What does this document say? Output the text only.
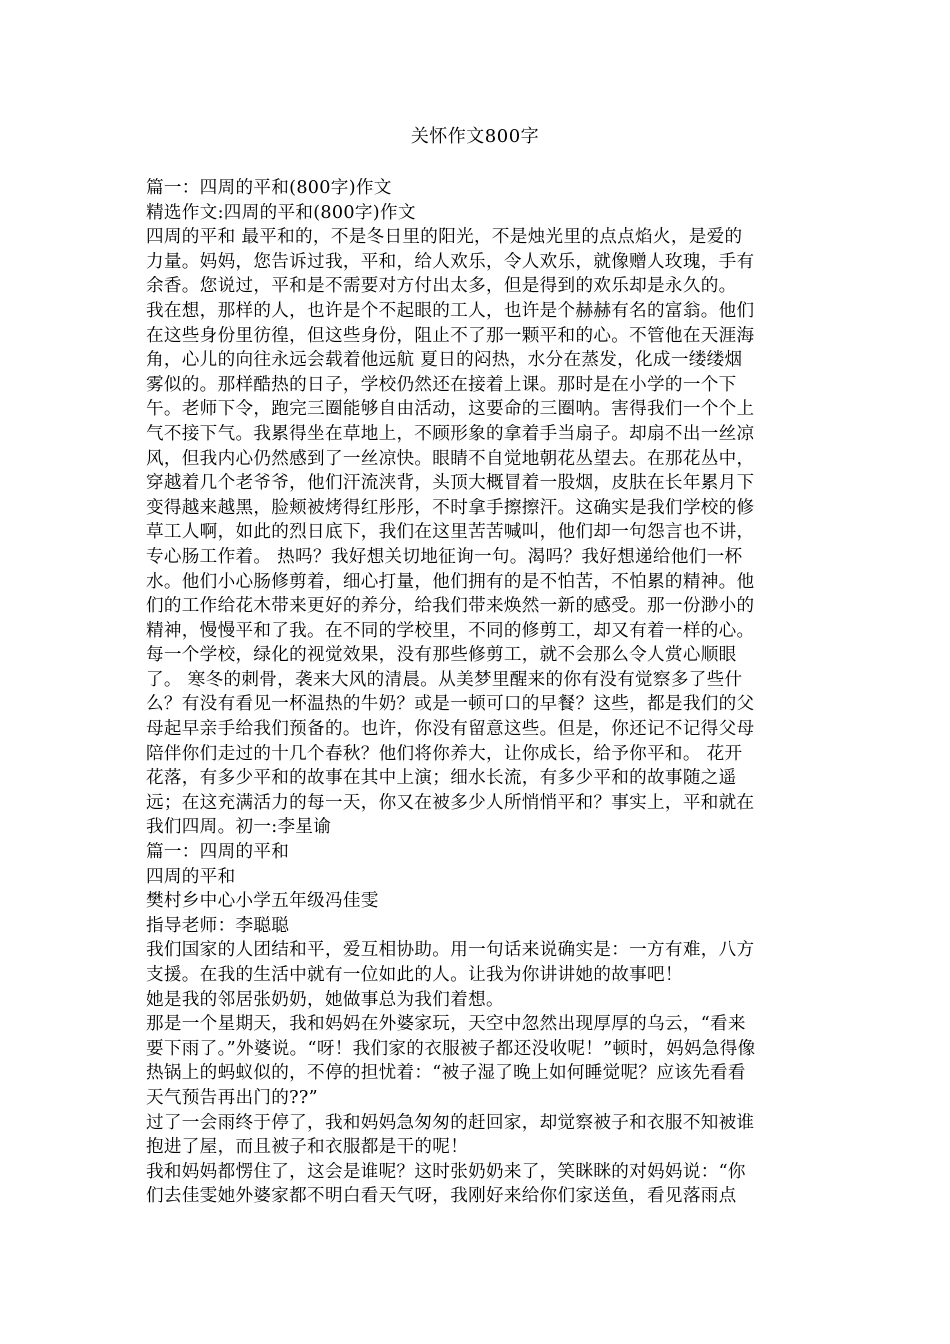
关怀作文800字
篇一：四周的平和(800字)作文
精选作文:四周的平和(800字)作文
四周的平和 最平和的，不是冬日里的阳光，不是烛光里的点点焰火，是爱的
力量。妈妈，您告诉过我，平和，给人欢乐，令人欢乐，就像赠人玫瑰，手有
余香。您说过，平和是不需要对方付出太多，但是得到的欢乐却是永久的。
我在想，那样的人，也许是个不起眼的工人，也许是个赫赫有名的富翁。他们
在这些身份里彷徨，但这些身份，阻止不了那一颗平和的心。不管他在天涯海
角，心儿的向往永远会载着他远航 夏日的闷热，水分在蒸发，化成一缕缕烟
雾似的。那样酷热的日子，学校仍然还在接着上课。那时是在小学的一个下
午。老师下令，跑完三圈能够自由活动，这要命的三圈呐。害得我们一个个上
气不接下气。我累得坐在草地上，不顾形象的拿着手当扇子。却扇不出一丝凉
风，但我内心仍然感到了一丝凉快。眼睛不自觉地朝花丛望去。在那花丛中，
穿越着几个老爷爷，他们汗流浃背，头顶大概冒着一股烟，皮肤在长年累月下
变得越来越黑，脸颊被烤得红彤彤，不时拿手擦擦汗。这确实是我们学校的修
草工人啊，如此的烈日底下，我们在这里苦苦喊叫，他们却一句怨言也不讲，
专心肠工作着。 热吗？我好想关切地征询一句。渴吗？我好想递给他们一杯
水。他们小心肠修剪着，细心打量，他们拥有的是不怕苦，不怕累的精神。他
们的工作给花木带来更好的养分，给我们带来焕然一新的感受。那一份渺小的
精神，慢慢平和了我。在不同的学校里，不同的修剪工，却又有着一样的心。
每一个学校，绿化的视觉效果，没有那些修剪工，就不会那么令人赏心顺眼
了。 寒冬的刺骨，袭来大风的清晨。从美梦里醒来的你有没有觉察多了些什
么？有没有看见一杯温热的牛奶？或是一顿可口的早餐？这些，都是我们的父
母起早亲手给我们预备的。也许，你没有留意这些。但是，你还记不记得父母
陪伴你们走过的十几个春秋？他们将你养大，让你成长，给予你平和。 花开
花落，有多少平和的故事在其中上演；细水长流，有多少平和的故事随之遥
远；在这充满活力的每一天，你又在被多少人所悄悄平和？事实上，平和就在
我们四周。初一:李星谕
篇一：四周的平和
四周的平和
樊村乡中心小学五年级冯佳雯
指导老师：李聪聪
我们国家的人团结和平，爱互相协助。用一句话来说确实是：一方有难，八方
支援。在我的生活中就有一位如此的人。让我为你讲讲她的故事吧！
她是我的邻居张奶奶，她做事总为我们着想。
那是一个星期天，我和妈妈在外婆家玩，天空中忽然出现厚厚的乌云，“看来
要下雨了。”外婆说。“呀！我们家的衣服被子都还没收呢！”顿时，妈妈急得像
热锅上的蚂蚁似的，不停的担忧着：“被子湿了晚上如何睡觉呢？应该先看看
天气预告再出门的??”
过了一会雨终于停了，我和妈妈急匆匆的赶回家，却觉察被子和衣服不知被谁
抱进了屋，而且被子和衣服都是干的呢！
我和妈妈都愣住了，这会是谁呢？这时张奶奶来了，笑眯眯的对妈妈说：“你
们去佳雯她外婆家都不明白看天气呀，我刚好来给你们家送鱼，看见落雨点
